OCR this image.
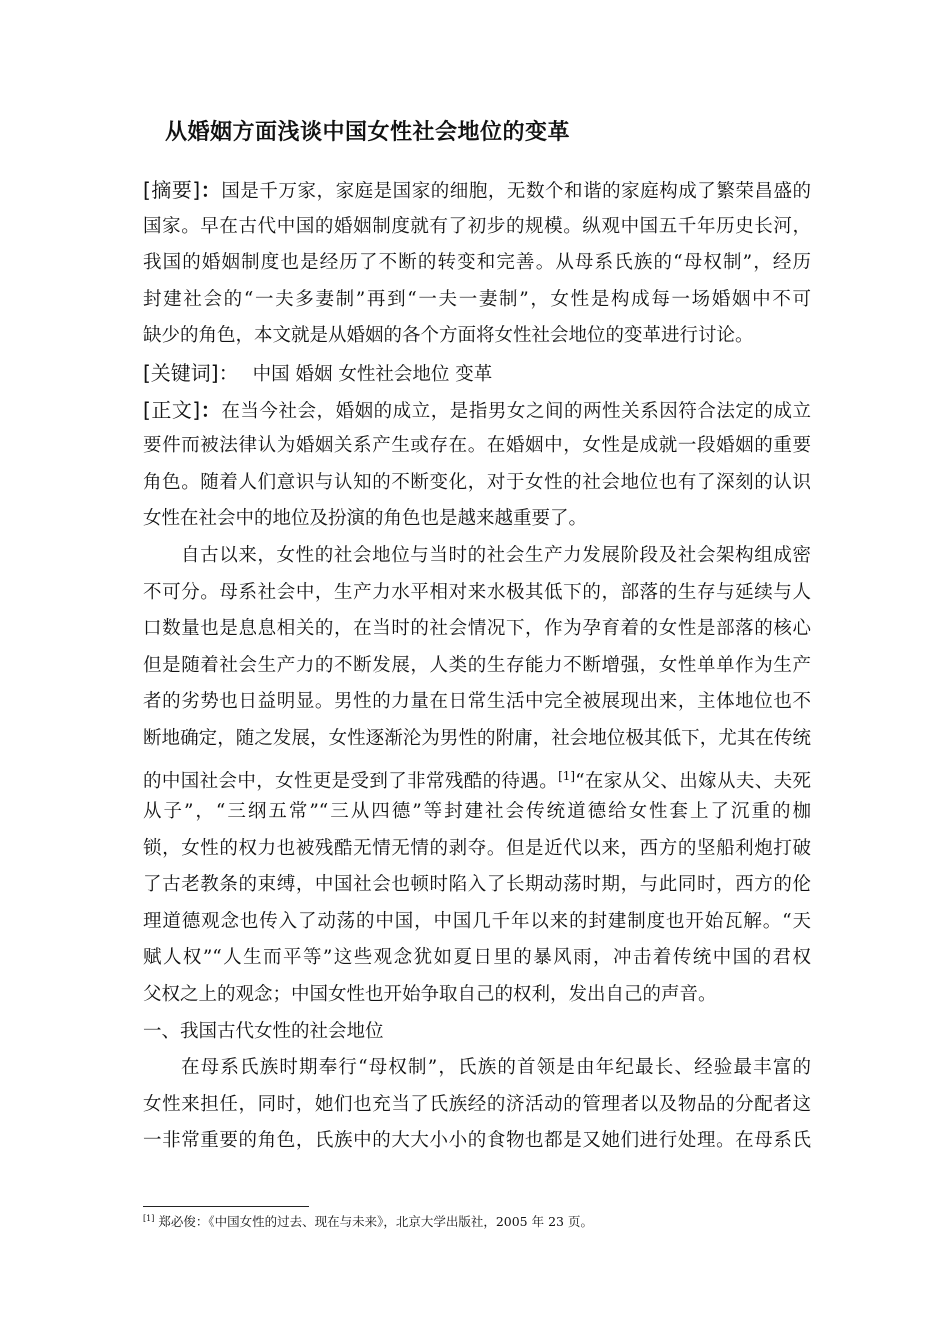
从婚姻方面浅谈中国女性社会地位的变革
[摘要]：国是千万家，家庭是国家的细胞，无数个和谐的家庭构成了繁荣昌盛的
国家。早在古代中国的婚姻制度就有了初步的规模。纵观中国五千年历史长河，
我国的婚姻制度也是经历了不断的转变和完善。从母系氏族的“母权制”，经历
封建社会的“一夫多妻制”再到“一夫一妻制”，女性是构成每一场婚姻中不可
缺少的角色，本文就是从婚姻的各个方面将女性社会地位的变革进行讨论。
[关键词]： 中国 婚姻 女性社会地位 变革
[正文]：在当今社会，婚姻的成立，是指男女之间的两性关系因符合法定的成立
要件而被法律认为婚姻关系产生或存在。在婚姻中，女性是成就一段婚姻的重要
角色。随着人们意识与认知的不断变化，对于女性的社会地位也有了深刻的认识
女性在社会中的地位及扮演的角色也是越来越重要了。
自古以来，女性的社会地位与当时的社会生产力发展阶段及社会架构组成密
不可分。母系社会中，生产力水平相对来水极其低下的，部落的生存与延续与人
口数量也是息息相关的，在当时的社会情况下，作为孕育着的女性是部落的核心
但是随着社会生产力的不断发展，人类的生存能力不断增强，女性单单作为生产
者的劣势也日益明显。男性的力量在日常生活中完全被展现出来，主体地位也不
断地确定，随之发展，女性逐渐沦为男性的附庸，社会地位极其低下，尤其在传统
的中国社会中，女性更是受到了非常残酷的待遇。[1]“在家从父、出嫁从夫、夫死
从子”，“三纲五常”“三从四德”等封建社会传统道德给女性套上了沉重的枷
锁，女性的权力也被残酷无情无情的剥夺。但是近代以来，西方的坚船利炮打破
了古老教条的束缚，中国社会也顿时陷入了长期动荡时期，与此同时，西方的伦
理道德观念也传入了动荡的中国，中国几千年以来的封建制度也开始瓦解。“天
赋人权”“人生而平等”这些观念犹如夏日里的暴风雨，冲击着传统中国的君权
父权之上的观念；中国女性也开始争取自己的权利，发出自己的声音。
一、我国古代女性的社会地位
在母系氏族时期奉行“母权制”，氏族的首领是由年纪最长、经验最丰富的
女性来担任，同时，她们也充当了氏族经的济活动的管理者以及物品的分配者这
一非常重要的角色，氏族中的大大小小的食物也都是又她们进行处理。在母系氏
[1] 郑必俊：《中国女性的过去、现在与未来》，北京大学出版社，2005 年 23 页。
